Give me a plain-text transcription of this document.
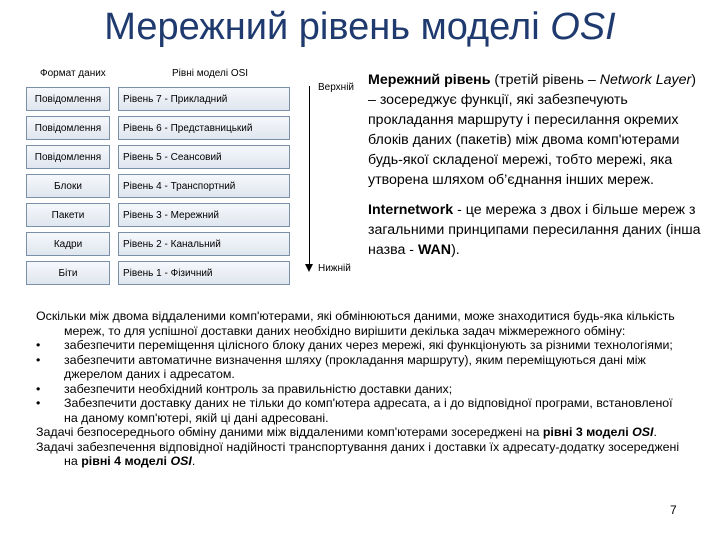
Мережний рівень моделі OSI
Формат даних	Рівні моделі OSI
Повідомлення	Рівень 7 - Прикладний
Повідомлення	Рівень 6 - Представницький
Повідомлення	Рівень 5 - Сеансовий
Блоки	Рівень 4 - Транспортний
Пакети	Рівень 3 - Мережний
Кадри	Рівень 2 - Канальний
Біти	Рівень 1 - Фізичний
Верхній
Нижній

Мережний рівень (третій рівень – Network Layer) – зосереджує функції, які забезпечують прокладання маршруту і пересилання окремих блоків даних (пакетів) між двома комп'ютерами будь-якої складеної мережі, тобто мережі, яка утворена шляхом об’єднання інших мереж.

Internetwork - це мережа з двох і більше мереж з загальними принципами пересилання даних (інша назва - WAN).

Оскільки між двома віддаленими комп'ютерами, які обмінюються даними, може знаходитися будь-яка кількість мереж, то для успішної доставки даних необхідно вирішити декілька задач міжмережного обміну:

• забезпечити переміщення цілісного блоку даних через мережі, які функціонують за різними технологіями;

• забезпечити автоматичне визначення шляху (прокладання маршруту), яким переміщуються дані між джерелом даних і адресатом.

• забезпечити необхідний контроль за правильністю доставки даних;

• Забезпечити доставку даних не тільки до комп'ютера адресата, а і до відповідної програми, встановленої на даному комп'ютері, якій ці дані адресовані.

Задачі безпосереднього обміну даними між віддаленими комп'ютерами зосереджені на рівні 3 моделі OSI.

Задачі забезпечення відповідної надійності транспортування даних і доставки їх адресату-додатку зосереджені на рівні 4 моделі OSI.

7
